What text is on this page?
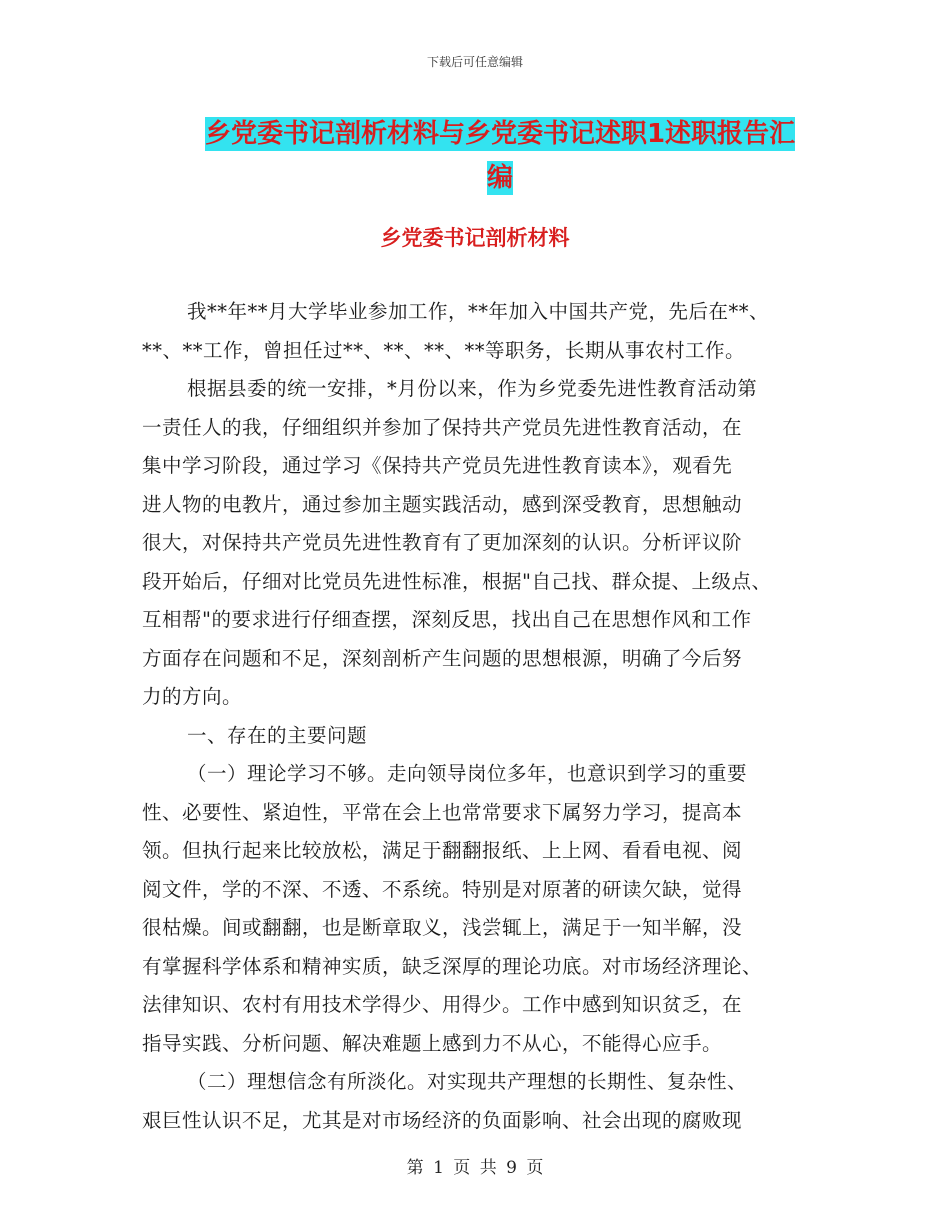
下载后可任意编辑
乡党委书记剖析材料与乡党委书记述职1述职报告汇
编
乡党委书记剖析材料
我**年**月大学毕业参加工作，**年加入中国共产党，先后在**、
**、**工作，曾担任过**、**、**、**等职务，长期从事农村工作。
根据县委的统一安排，*月份以来，作为乡党委先进性教育活动第
一责任人的我，仔细组织并参加了保持共产党员先进性教育活动，在
集中学习阶段，通过学习《保持共产党员先进性教育读本》，观看先
进人物的电教片，通过参加主题实践活动，感到深受教育，思想触动
很大，对保持共产党员先进性教育有了更加深刻的认识。分析评议阶
段开始后，仔细对比党员先进性标准，根据"自己找、群众提、上级点、
互相帮"的要求进行仔细查摆，深刻反思，找出自己在思想作风和工作
方面存在问题和不足，深刻剖析产生问题的思想根源，明确了今后努
力的方向。
一、存在的主要问题
（一）理论学习不够。走向领导岗位多年，也意识到学习的重要
性、必要性、紧迫性，平常在会上也常常要求下属努力学习，提高本
领。但执行起来比较放松，满足于翻翻报纸、上上网、看看电视、阅
阅文件，学的不深、不透、不系统。特别是对原著的研读欠缺，觉得
很枯燥。间或翻翻，也是断章取义，浅尝辄上，满足于一知半解，没
有掌握科学体系和精神实质，缺乏深厚的理论功底。对市场经济理论、
法律知识、农村有用技术学得少、用得少。工作中感到知识贫乏，在
指导实践、分析问题、解决难题上感到力不从心，不能得心应手。
（二）理想信念有所淡化。对实现共产理想的长期性、复杂性、
艰巨性认识不足，尤其是对市场经济的负面影响、社会出现的腐败现
第 1 页 共 9 页
